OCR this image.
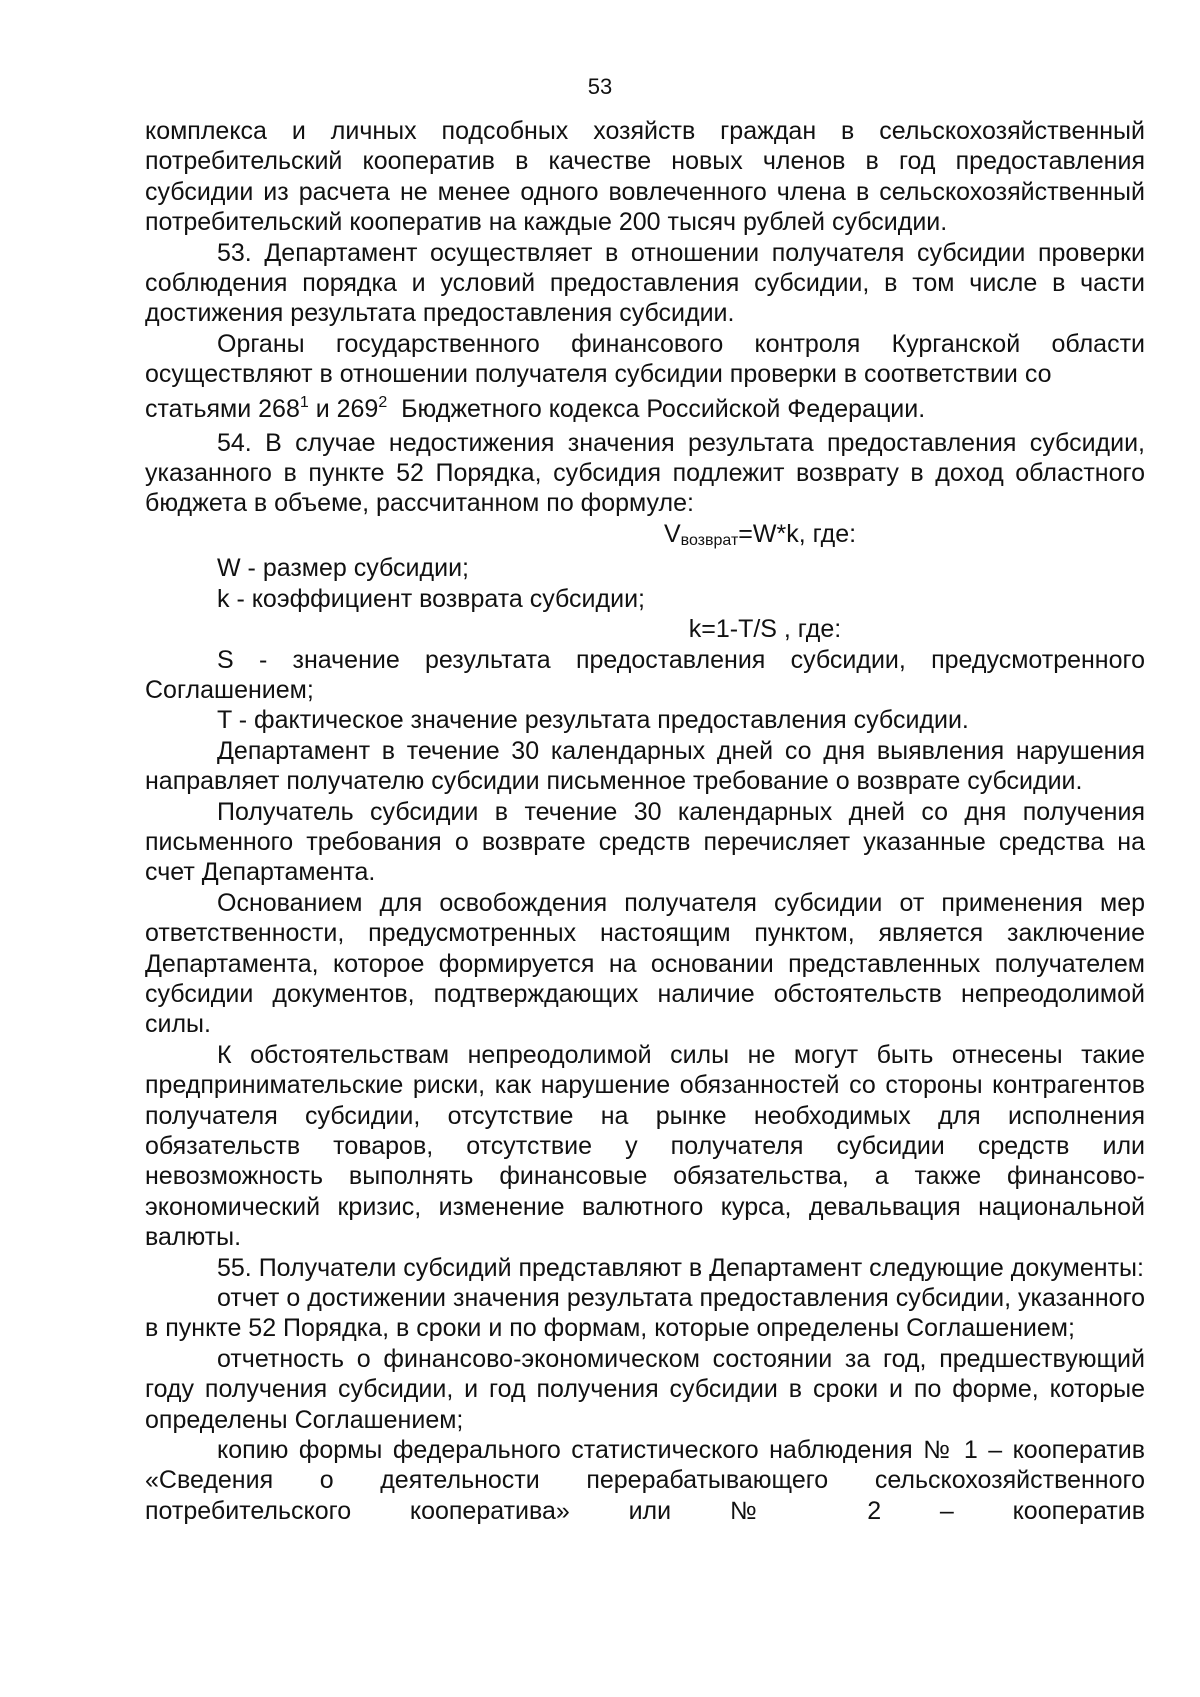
53

комплекса и личных подсобных хозяйств граждан в сельскохозяйственный потребительский кооператив в качестве новых членов в год предоставления субсидии из расчета не менее одного вовлеченного члена в сельскохозяйственный потребительский кооператив на каждые 200 тысяч рублей субсидии.

53. Департамент осуществляет в отношении получателя субсидии проверки соблюдения порядка и условий предоставления субсидии, в том числе в части достижения результата предоставления субсидии.

Органы государственного финансового контроля Курганской области осуществляют в отношении получателя субсидии проверки в соответствии со

статьями $268^1$ и $269^2$  Бюджетного кодекса Российской Федерации.

54. В случае недостижения значения результата предоставления субсидии, указанного в пункте 52 Порядка, субсидия подлежит возврату в доход областного бюджета в объеме, рассчитанном по формуле:

$V_{возврат}=W*k$, где:

W - размер субсидии;

k - коэффициент возврата субсидии;

k=1-T/S , где:

S - значение результата предоставления субсидии, предусмотренного Соглашением;

T - фактическое значение результата предоставления субсидии.

Департамент в течение 30 календарных дней со дня выявления нарушения направляет получателю субсидии письменное требование о возврате субсидии.

Получатель субсидии в течение 30 календарных дней со дня получения письменного требования о возврате средств перечисляет указанные средства на счет Департамента.

Основанием для освобождения получателя субсидии от применения мер ответственности, предусмотренных настоящим пунктом, является заключение Департамента, которое формируется на основании представленных получателем субсидии документов, подтверждающих наличие обстоятельств непреодолимой силы.

К обстоятельствам непреодолимой силы не могут быть отнесены такие предпринимательские риски, как нарушение обязанностей со стороны контрагентов получателя субсидии, отсутствие на рынке необходимых для исполнения обязательств товаров, отсутствие у получателя субсидии средств или невозможность выполнять финансовые обязательства, а также финансово-экономический кризис, изменение валютного курса, девальвация национальной валюты.

55. Получатели субсидий представляют в Департамент следующие документы:

отчет о достижении значения результата предоставления субсидии, указанного в пункте 52 Порядка, в сроки и по формам, которые определены Соглашением;

отчетность о финансово-экономическом состоянии за год, предшествующий году получения субсидии, и год получения субсидии в сроки и по форме, которые определены Соглашением;

копию формы федерального статистического наблюдения № 1 – кооператив «Сведения о деятельности перерабатывающего сельскохозяйственного потребительского кооператива» или № 2 – кооператив
